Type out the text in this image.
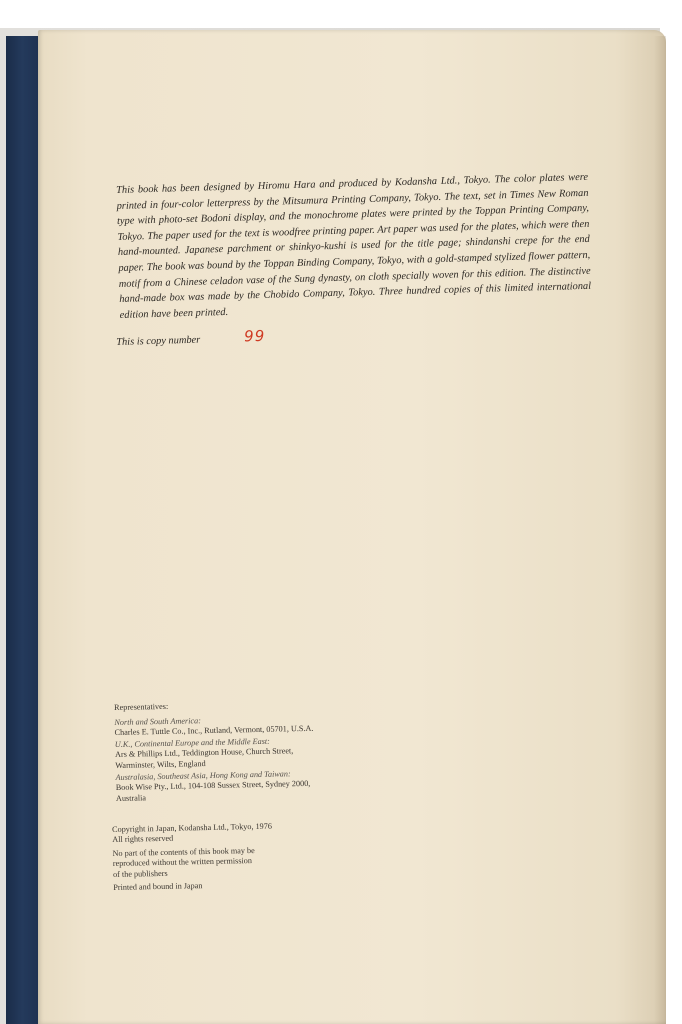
This book has been designed by Hiromu Hara and produced by Kodansha Ltd., Tokyo. The color plates were printed in four-color letterpress by the Mitsumura Printing Company, Tokyo. The text, set in Times New Roman type with photo-set Bodoni display, and the monochrome plates were printed by the Toppan Printing Company, Tokyo. The paper used for the text is woodfree printing paper. Art paper was used for the plates, which were then hand-mounted. Japanese parchment or shinkyo-kushi is used for the title page; shindanshi crepe for the end paper. The book was bound by the Toppan Binding Company, Tokyo, with a gold-stamped stylized flower pattern, motif from a Chinese celadon vase of the Sung dynasty, on cloth specially woven for this edition. The distinctive hand-made box was made by the Chobido Company, Tokyo. Three hundred copies of this limited international edition have been printed.
This is copy number	99
Representatives:
North and South America:
Charles E. Tuttle Co., Inc., Rutland, Vermont, 05701, U.S.A.
U.K., Continental Europe and the Middle East:
Ars & Phillips Ltd., Teddington House, Church Street,
Warminster, Wilts, England
Australasia, Southeast Asia, Hong Kong and Taiwan:
Book Wise Pty., Ltd., 104-108 Sussex Street, Sydney 2000,
Australia
Copyright in Japan, Kodansha Ltd., Tokyo, 1976
All rights reserved
No part of the contents of this book may be
reproduced without the written permission
of the publishers
Printed and bound in Japan
